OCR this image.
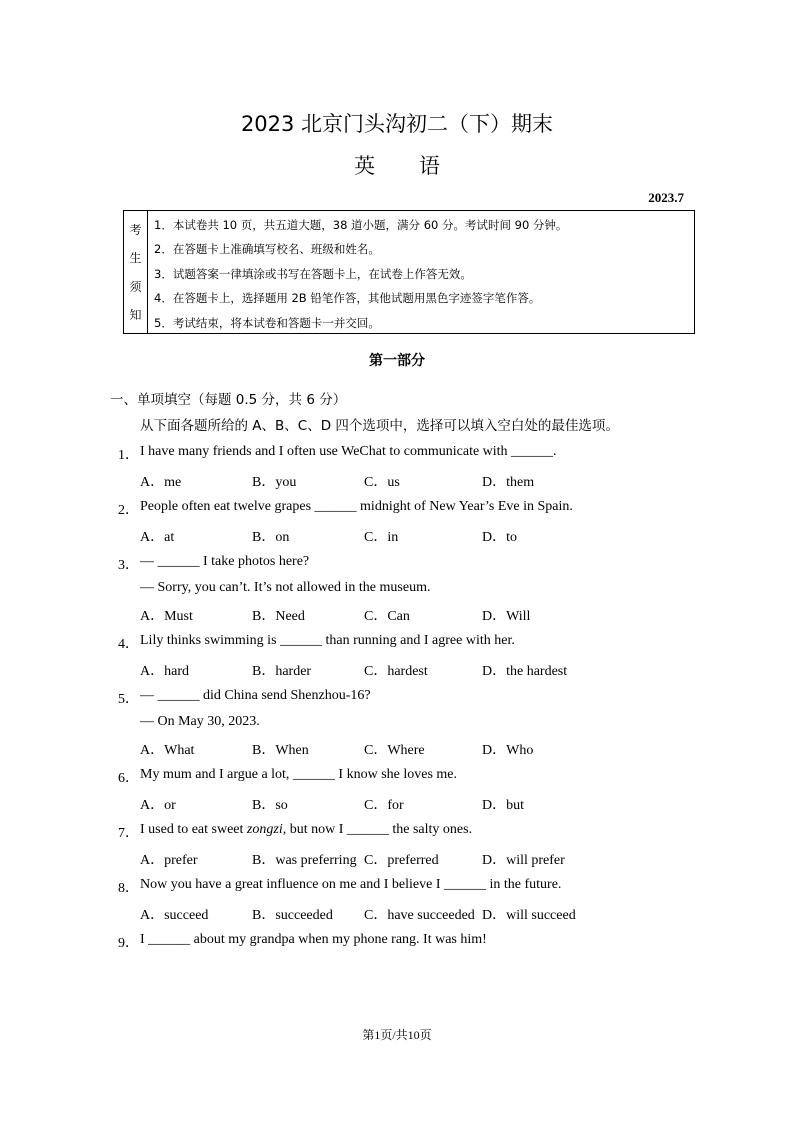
2023 北京门头沟初二（下）期末
英语
2023.7
考
生
须
知
1．本试卷共 10 页，共五道大题，38 道小题，满分 60 分。考试时间 90 分钟。
2．在答题卡上准确填写校名、班级和姓名。
3．试题答案一律填涂或书写在答题卡上，在试卷上作答无效。
4．在答题卡上，选择题用 2B 铅笔作答，其他试题用黑色字迹签字笔作答。
5．考试结束，将本试卷和答题卡一并交回。
第一部分
一、单项填空（每题 0.5 分，共 6 分）
从下面各题所给的 A、B、C、D 四个选项中，选择可以填入空白处的最佳选项。
1． I have many friends and I often use WeChat to communicate with ______.
A．me	B．you	C．us	D．them
2． People often eat twelve grapes ______ midnight of New Year’s Eve in Spain.
A．at	B．on	C．in	D．to
3． — ______ I take photos here?
— Sorry, you can’t. It’s not allowed in the museum.
A．Must	B．Need	C．Can	D．Will
4． Lily thinks swimming is ______ than running and I agree with her.
A．hard	B．harder	C．hardest	D．the hardest
5． — ______ did China send Shenzhou-16?
— On May 30, 2023.
A．What	B．When	C．Where	D．Who
6． My mum and I argue a lot, ______ I know she loves me.
A．or	B．so	C．for	D．but
7． I used to eat sweet zongzi, but now I ______ the salty ones.
A．prefer	B．was preferring C．preferred	D．will prefer
8． Now you have a great influence on me and I believe I ______ in the future.
A．succeed	B．succeeded C．have succeeded D．will succeed
9． I ______ about my grandpa when my phone rang. It was him!
第1页/共10页
